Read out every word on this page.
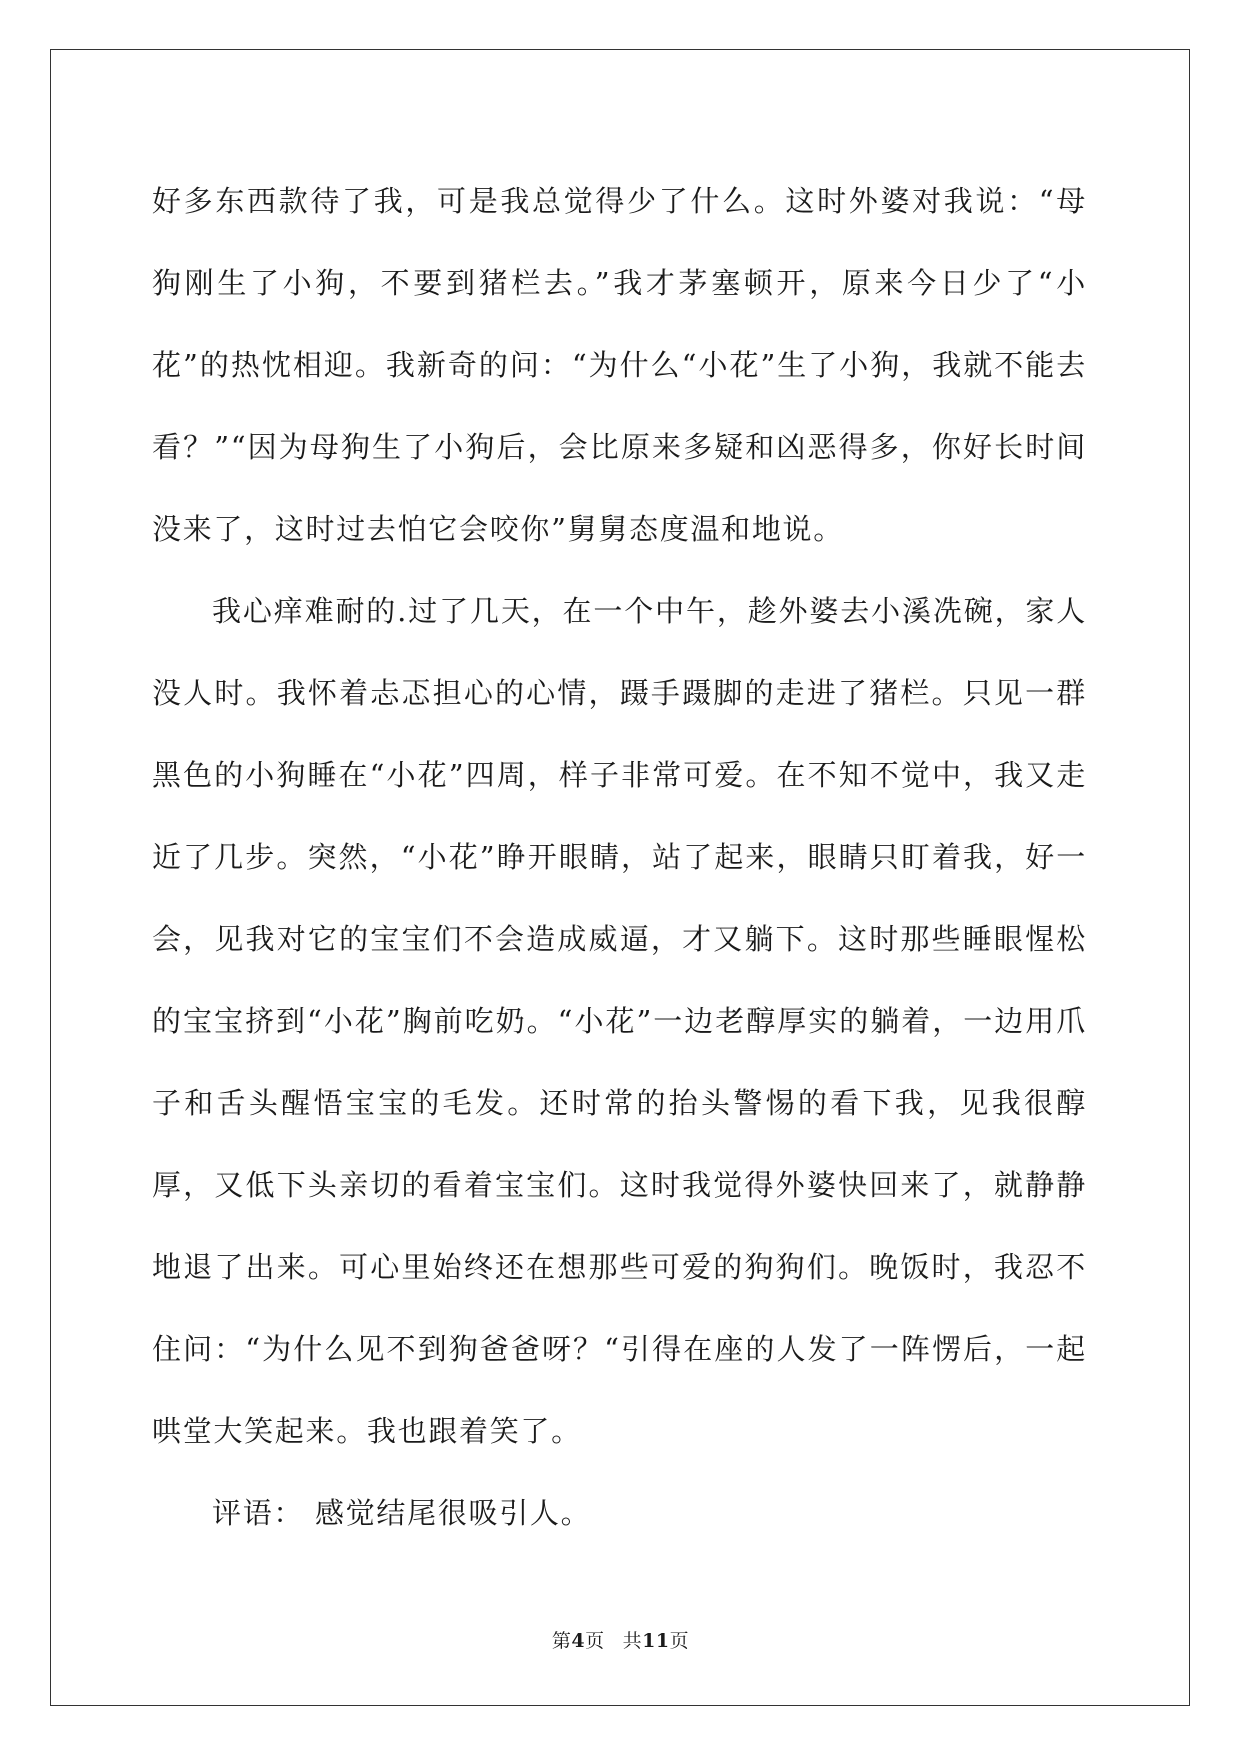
好多东西款待了我，可是我总觉得少了什么。这时外婆对我说：“母狗刚生了小狗，不要到猪栏去。”我才茅塞顿开，原来今日少了“小花”的热忱相迎。我新奇的问：“为什么“小花”生了小狗，我就不能去看？”“因为母狗生了小狗后，会比原来多疑和凶恶得多，你好长时间没来了，这时过去怕它会咬你”舅舅态度温和地说。

我心痒难耐的.过了几天，在一个中午，趁外婆去小溪冼碗，家人没人时。我怀着忐忑担心的心情，蹑手蹑脚的走进了猪栏。只见一群黑色的小狗睡在“小花”四周，样子非常可爱。在不知不觉中，我又走近了几步。突然，“小花”睁开眼睛，站了起来，眼睛只盯着我，好一会，见我对它的宝宝们不会造成威逼，才又躺下。这时那些睡眼惺松的宝宝挤到“小花”胸前吃奶。“小花”一边老醇厚实的躺着，一边用爪子和舌头醒悟宝宝的毛发。还时常的抬头警惕的看下我，见我很醇厚，又低下头亲切的看着宝宝们。这时我觉得外婆快回来了，就静静地退了出来。可心里始终还在想那些可爱的狗狗们。晚饭时，我忍不住问：“为什么见不到狗爸爸呀？“引得在座的人发了一阵愣后，一起哄堂大笑起来。我也跟着笑了。

评语： 感觉结尾很吸引人。

第4页 共11页
